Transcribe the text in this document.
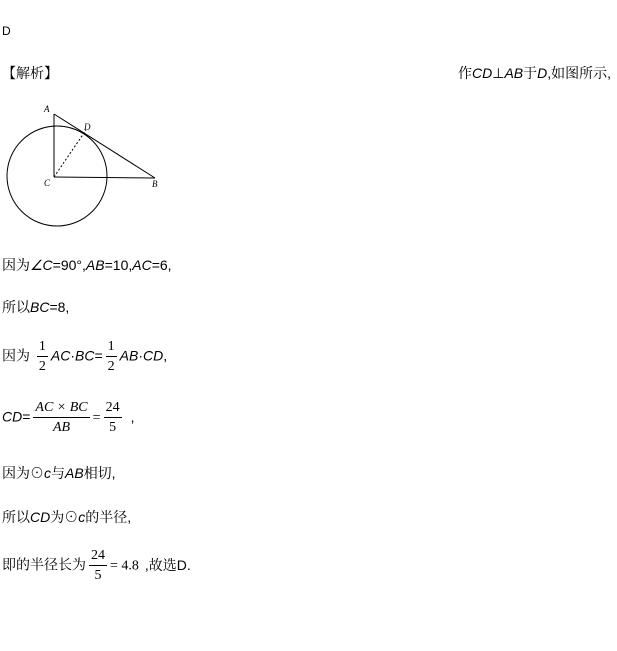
D
【解析】	作CD⊥AB于D,如图所示,
A
D
C	B
因为∠C=90°,AB=10,AC=6,
所以BC=8,
因为 $\frac{1}{2} AC\cdot BC= \frac{1}{2} AB\cdot CD$,
$CD= \frac{AC \times BC}{AB} = \frac{24}{5}$ ,
因为⊙c与AB相切,
所以CD为⊙c的半径,
即的半径长为 $\frac{24}{5} = 4.8$ ,故选D.
